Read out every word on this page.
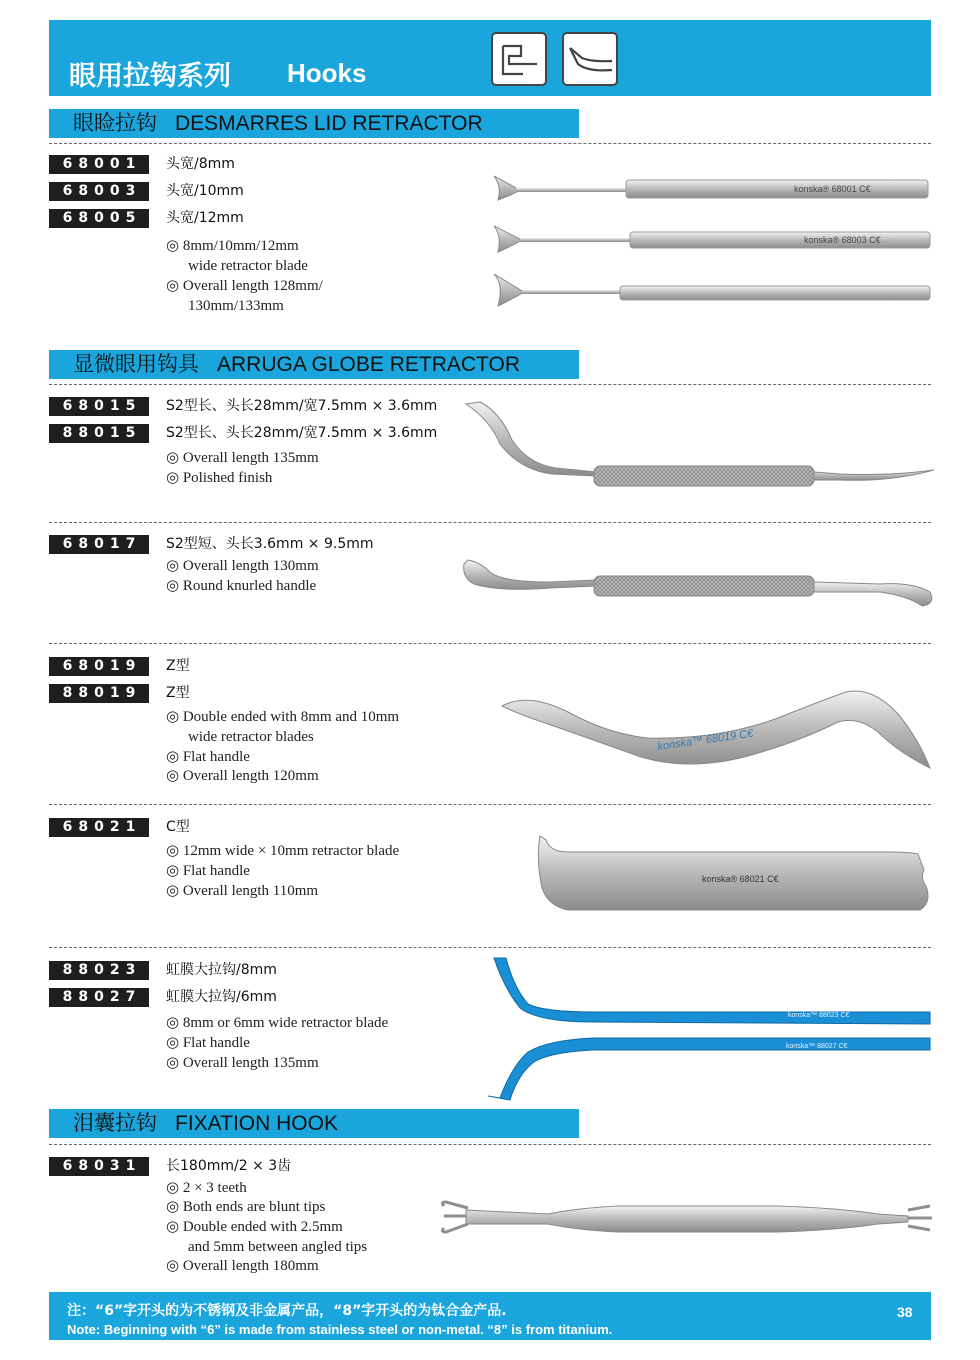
眼用拉钩系列 Hooks
眼睑拉钩 DESMARRES LID RETRACTOR
68001	头宽/8mm
68003	头宽/10mm
68005	头宽/12mm
◎ 8mm/10mm/12mm
wide retractor blade
◎ Overall length 128mm/
130mm/133mm
konska® 68001 C€
konska® 68003 C€
显微眼用钩具 ARRUGA GLOBE RETRACTOR
68015	S2型长、头长28mm/宽7.5mm × 3.6mm
88015	S2型长、头长28mm/宽7.5mm × 3.6mm
◎ Overall length 135mm
◎ Polished finish
68017	S2型短、头长3.6mm × 9.5mm
◎ Overall length 130mm
◎ Round knurled handle
68019	Z型
88019	Z型
◎ Double ended with 8mm and 10mm
wide retractor blades
◎ Flat handle
◎ Overall length 120mm
konska™ 68019 C€
68021	C型
◎ 12mm wide × 10mm retractor blade
◎ Flat handle
◎ Overall length 110mm
konska® 68021 C€
88023	虹膜大拉钩/8mm
88027	虹膜大拉钩/6mm
◎ 8mm or 6mm wide retractor blade
◎ Flat handle
◎ Overall length 135mm
konska™ 88023 C€
konska™ 88027 C€
泪囊拉钩 FIXATION HOOK
68031	长180mm/2 × 3齿
◎ 2 × 3 teeth
◎ Both ends are blunt tips
◎ Double ended with 2.5mm
and 5mm between angled tips
◎ Overall length 180mm
注：“6”字开头的为不锈钢及非金属产品，“8”字开头的为钛合金产品.
Note: Beginning with “6” is made from stainless steel or non-metal. “8” is from titanium.
38
